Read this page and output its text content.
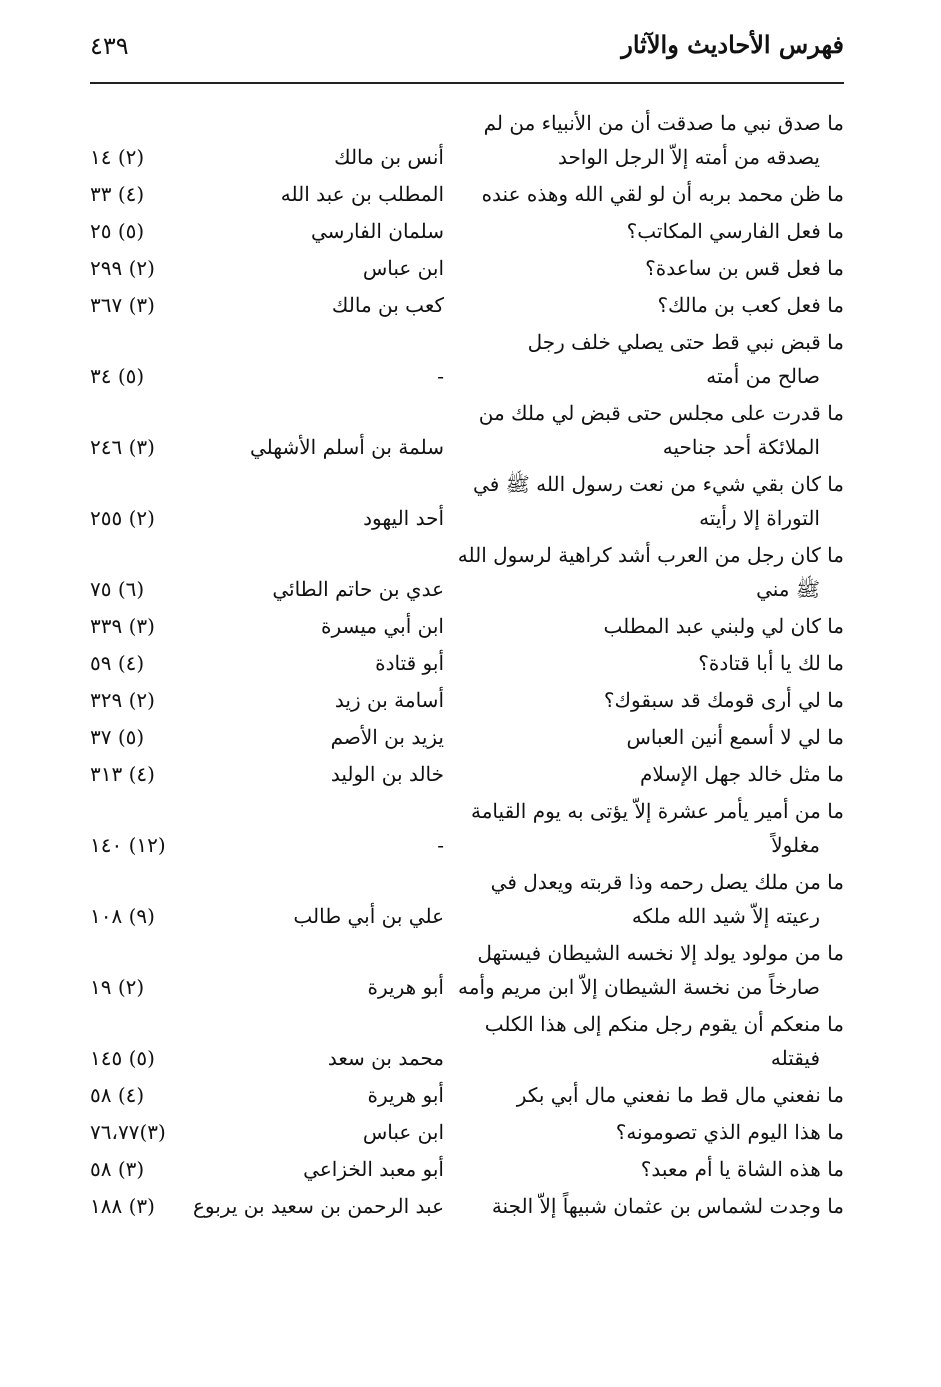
فهرس الأحاديث والآثار
٤٣٩
ما صدق نبي ما صدقت أن من الأنبياء من لم
يصدقه من أمته إلاّ الرجل الواحد
أنس بن مالك
(٢) ١٤
ما ظن محمد بربه أن لو لقي الله وهذه عنده
المطلب بن عبد الله
(٤) ٣٣
ما فعل الفارسي المكاتب؟
سلمان الفارسي
(٥) ٢٥
ما فعل قس بن ساعدة؟
ابن عباس
(٢) ٢٩٩
ما فعل كعب بن مالك؟
كعب بن مالك
(٣) ٣٦٧
ما قبض نبي قط حتى يصلي خلف رجل
صالح من أمته
-
(٥) ٣٤
ما قدرت على مجلس حتى قبض لي ملك من
الملائكة أحد جناحيه
سلمة بن أسلم الأشهلي
(٣) ٢٤٦
ما كان بقي شيء من نعت رسول الله ﷺ في
التوراة إلا رأيته
أحد اليهود
(٢) ٢٥٥
ما كان رجل من العرب أشد كراهية لرسول الله
ﷺ مني
عدي بن حاتم الطائي
(٦) ٧٥
ما كان لي ولبني عبد المطلب
ابن أبي ميسرة
(٣) ٣٣٩
ما لك يا أبا قتادة؟
أبو قتادة
(٤) ٥٩
ما لي أرى قومك قد سبقوك؟
أسامة بن زيد
(٢) ٣٢٩
ما لي لا أسمع أنين العباس
يزيد بن الأصم
(٥) ٣٧
ما مثل خالد جهل الإسلام
خالد بن الوليد
(٤) ٣١٣
ما من أمير يأمر عشرة إلاّ يؤتى به يوم القيامة
مغلولاً
-
(١٢) ١٤٠
ما من ملك يصل رحمه وذا قربته ويعدل في
رعيته إلاّ شيد الله ملكه
علي بن أبي طالب
(٩) ١٠٨
ما من مولود يولد إلا نخسه الشيطان فيستهل
صارخاً من نخسة الشيطان إلاّ ابن مريم وأمه
أبو هريرة
(٢) ١٩
ما منعكم أن يقوم رجل منكم إلى هذا الكلب
فيقتله
محمد بن سعد
(٥) ١٤٥
ما نفعني مال قط ما نفعني مال أبي بكر
أبو هريرة
(٤) ٥٨
ما هذا اليوم الذي تصومونه؟
ابن عباس
(٣)٧٦،٧٧
ما هذه الشاة يا أم معبد؟
أبو معبد الخزاعي
(٣) ٥٨
ما وجدت لشماس بن عثمان شبيهاً إلاّ الجنة
عبد الرحمن بن سعيد بن يربوع
(٣) ١٨٨
